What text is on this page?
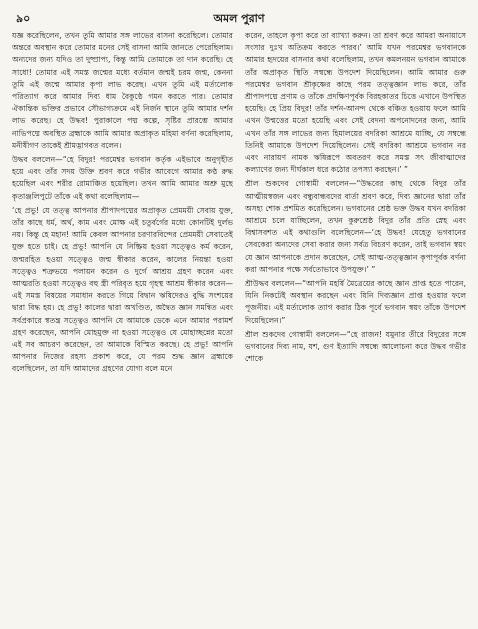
৯০	অমল পুরাণ

যজ্ঞ করেছিলেন, তখন তুমি আমার সঙ্গ লাভের বাসনা করেছিলে। তোমার অন্তরে অবস্থান করে তোমার মনের সেই বাসনা আমি জানতে পেরেছিলাম। অন্যদের জন্য যদিও তা দুষ্প্রাপ্য, কিন্তু আমি তোমাকে তা দান করেছি। হে সাধো! তোমার এই সমস্ত জন্মের মধ্যে বর্তমান জন্মই চরম জন্ম, কেননা তুমি এই জন্মে আমার কৃপা লাভ করেছ। এখন তুমি এই মর্ত্যলোক পরিত্যাগ করে আমার দিব্য ধাম বৈকুণ্ঠে গমন করতে পার। তোমার ঐকান্তিক ভক্তির প্রভাবে সৌভাগ্যক্রমে এই নির্জন স্থানে তুমি আমার দর্শন লাভ করেছ। হে উদ্ধব! পুরাকালে পদ্ম কল্পে, সৃষ্টির প্রারম্ভে আমার নাভিপদ্মে অবস্থিত ব্রহ্মাকে আমি আমার অপ্রাকৃত মহিমা বর্ণনা করেছিলাম, মনীষীগণ তাকেই শ্রীমদ্ভাগবত বলেন।

উদ্ধব বললেন—“হে বিদুর! পরমেশ্বর ভগবান কর্তৃক এইভাবে অনুগৃহীত হয়ে এবং তাঁর সদয় উক্তি শ্রবণ করে গভীর আবেগে আমার কণ্ঠ রুদ্ধ হয়েছিল এবং শরীর রোমাঞ্চিত হয়েছিল। তখন আমি আমার অশ্রু মুছে কৃতাঞ্জলিপুটে তাঁকে এই কথা বলেছিলাম—

‘হে প্রভু! যে তত্ত্ব আপনার শ্রীপাদপদ্মের অপ্রাকৃত প্রেমময়ী সেবায় যুক্ত, তাঁর কাছে ধর্ম, অর্থ, কাম এবং মোক্ষ এই চতুর্বর্গের মধ্যে কোনটিই দুর্লভ নয়। কিন্তু হে মহান! আমি কেবল আপনার চরণারবিন্দের প্রেমময়ী সেবাতেই যুক্ত হতে চাই। হে প্রভু! আপনি যে নিষ্ক্রিয় হওয়া সত্ত্বেও কর্ম করেন, জন্মরহিত হওয়া সত্ত্বেও জন্ম স্বীকার করেন, কালের নিয়ন্তা হওয়া সত্ত্বেও শত্রুভয়ে পলায়ন করেন ও দুর্গে আশ্রয় গ্রহণ করেন এবং আত্মরতি হওয়া সত্ত্বেও বহু স্ত্রী পরিবৃত হয়ে গৃহস্থ আশ্রম স্বীকার করেন—এই সমস্ত বিষয়ের সমাধান করতে গিয়ে বিদ্বান ঋষিদেরও বুদ্ধি সংশয়ের দ্বারা বিদ্ধ হয়। হে প্রভু! কালের দ্বারা অখণ্ডিত, অদ্বৈত জ্ঞান সমন্বিত এবং সর্বপ্রকারে স্বতন্ত্র সত্ত্বেও আপনি যে আমাকে ডেকে এনে আমার পরামর্শ গ্রহণ করেছেন, আপনি মোহমুক্ত না হওয়া সত্ত্বেও যে মোহাচ্ছন্নের মতো এই সব আচরণ করেছেন, তা আমাকে বিস্মিত করছে। হে প্রভু! আপনি আপনার নিজের রহস্য প্রকাশ করে, যে পরম শুদ্ধ জ্ঞান ব্রহ্মাকে বলেছিলেন, তা যদি আমাদের গ্রহণের যোগ্য বলে মনে

করেন, তাহলে কৃপা করে তা ব্যাখ্যা করুন। তা শ্রবণ করে আমরা অনায়াসে সংসার দুঃখ অতিক্রম করতে পারব।’ আমি যখন পরমেশ্বর ভগবানকে আমার হৃদয়ের বাসনার কথা বলেছিলাম, তখন কমলনয়ন ভগবান আমাকে তাঁর অপ্রাকৃত স্থিতি সম্বন্ধে উপদেশ দিয়েছিলেন। আমি আমার গুরু পরমেশ্বর ভগবান শ্রীকৃষ্ণের কাছে পরম তত্ত্বজ্ঞান লাভ করে, তাঁর শ্রীপাদপদ্মে প্রণাম ও তাঁকে প্রদক্ষিণপূর্বক বিরহকাতর চিত্তে এখানে উপস্থিত হয়েছি। হে প্রিয় বিদুর! তাঁর দর্শন-আনন্দ থেকে বঞ্চিত হওয়ায় ফলে আমি এখন উন্মত্তের মতো হয়েছি এবং সেই বেদনা অপনোদনের জন্য, আমি এখন তাঁর সঙ্গ লাভের জন্য হিমালয়ের বদরিকা আশ্রমে যাচ্ছি, যে সম্বন্ধে তিনিই আমাকে উপদেশ দিয়েছিলেন। সেই বদরিকা আশ্রমে ভগবান নর এবং নারায়ণ নামক ঋষিরূপে অবতরণ করে সমস্ত সৎ জীবাত্মাদের কল্যাণের জন্য দীর্ঘকাল ধরে কঠোর তপস্যা করছেন।’ ”

শ্রীল শুকদেব গোস্বামী বললেন—“উদ্ধবের কাছ থেকে বিদুর তাঁর আত্মীয়স্বজন এবং বন্ধুবান্ধবদের বার্তা শ্রবণ করে, দিব্য জ্ঞানের দ্বারা তাঁর অসহ্য শোক প্রশমিত করেছিলেন। ভগবানের শ্রেষ্ঠ ভক্ত উদ্ধব যখন বদরিকা আশ্রমে চলে যাচ্ছিলেন, তখন কুরুশ্রেষ্ঠ বিদুর তাঁর প্রতি স্নেহ এবং বিশ্বাসবশত এই কথাগুলি বলেছিলেন—‘হে উদ্ধব! যেহেতু ভগবানের সেবকেরা অন্যদের সেবা করার জন্য সর্বত্র বিচরণ করেন, তাই ভগবান স্বয়ং যে জ্ঞান আপনাকে প্রদান করেছেন, সেই আত্ম-তত্ত্বজ্ঞান কৃপাপূর্বক বর্ণনা করা আপনার পক্ষে সর্বতোভাবে উপযুক্ত।’ ”

শ্রীউদ্ধব বললেন—“আপনি মহর্ষি মৈত্রেয়ের কাছে জ্ঞান প্রাপ্ত হতে পারেন, যিনি নিকটেই অবস্থান করছেন এবং যিনি দিব্যজ্ঞান প্রাপ্ত হওয়ার ফলে পূজনীয়। এই মর্ত্যলোক ত্যাগ করার ঠিক পূর্বে ভগবান স্বয়ং তাঁকে উপদেশ দিয়েছিলেন।”

শ্রীল শুকদেব গোস্বামী বললেন—“হে রাজন! যমুনার তীরে বিদুরের সঙ্গে ভগবানের দিব্য নাম, যশ, গুণ ইত্যাদি সম্বন্ধে আলোচনা করে উদ্ধব গভীর শোকে
